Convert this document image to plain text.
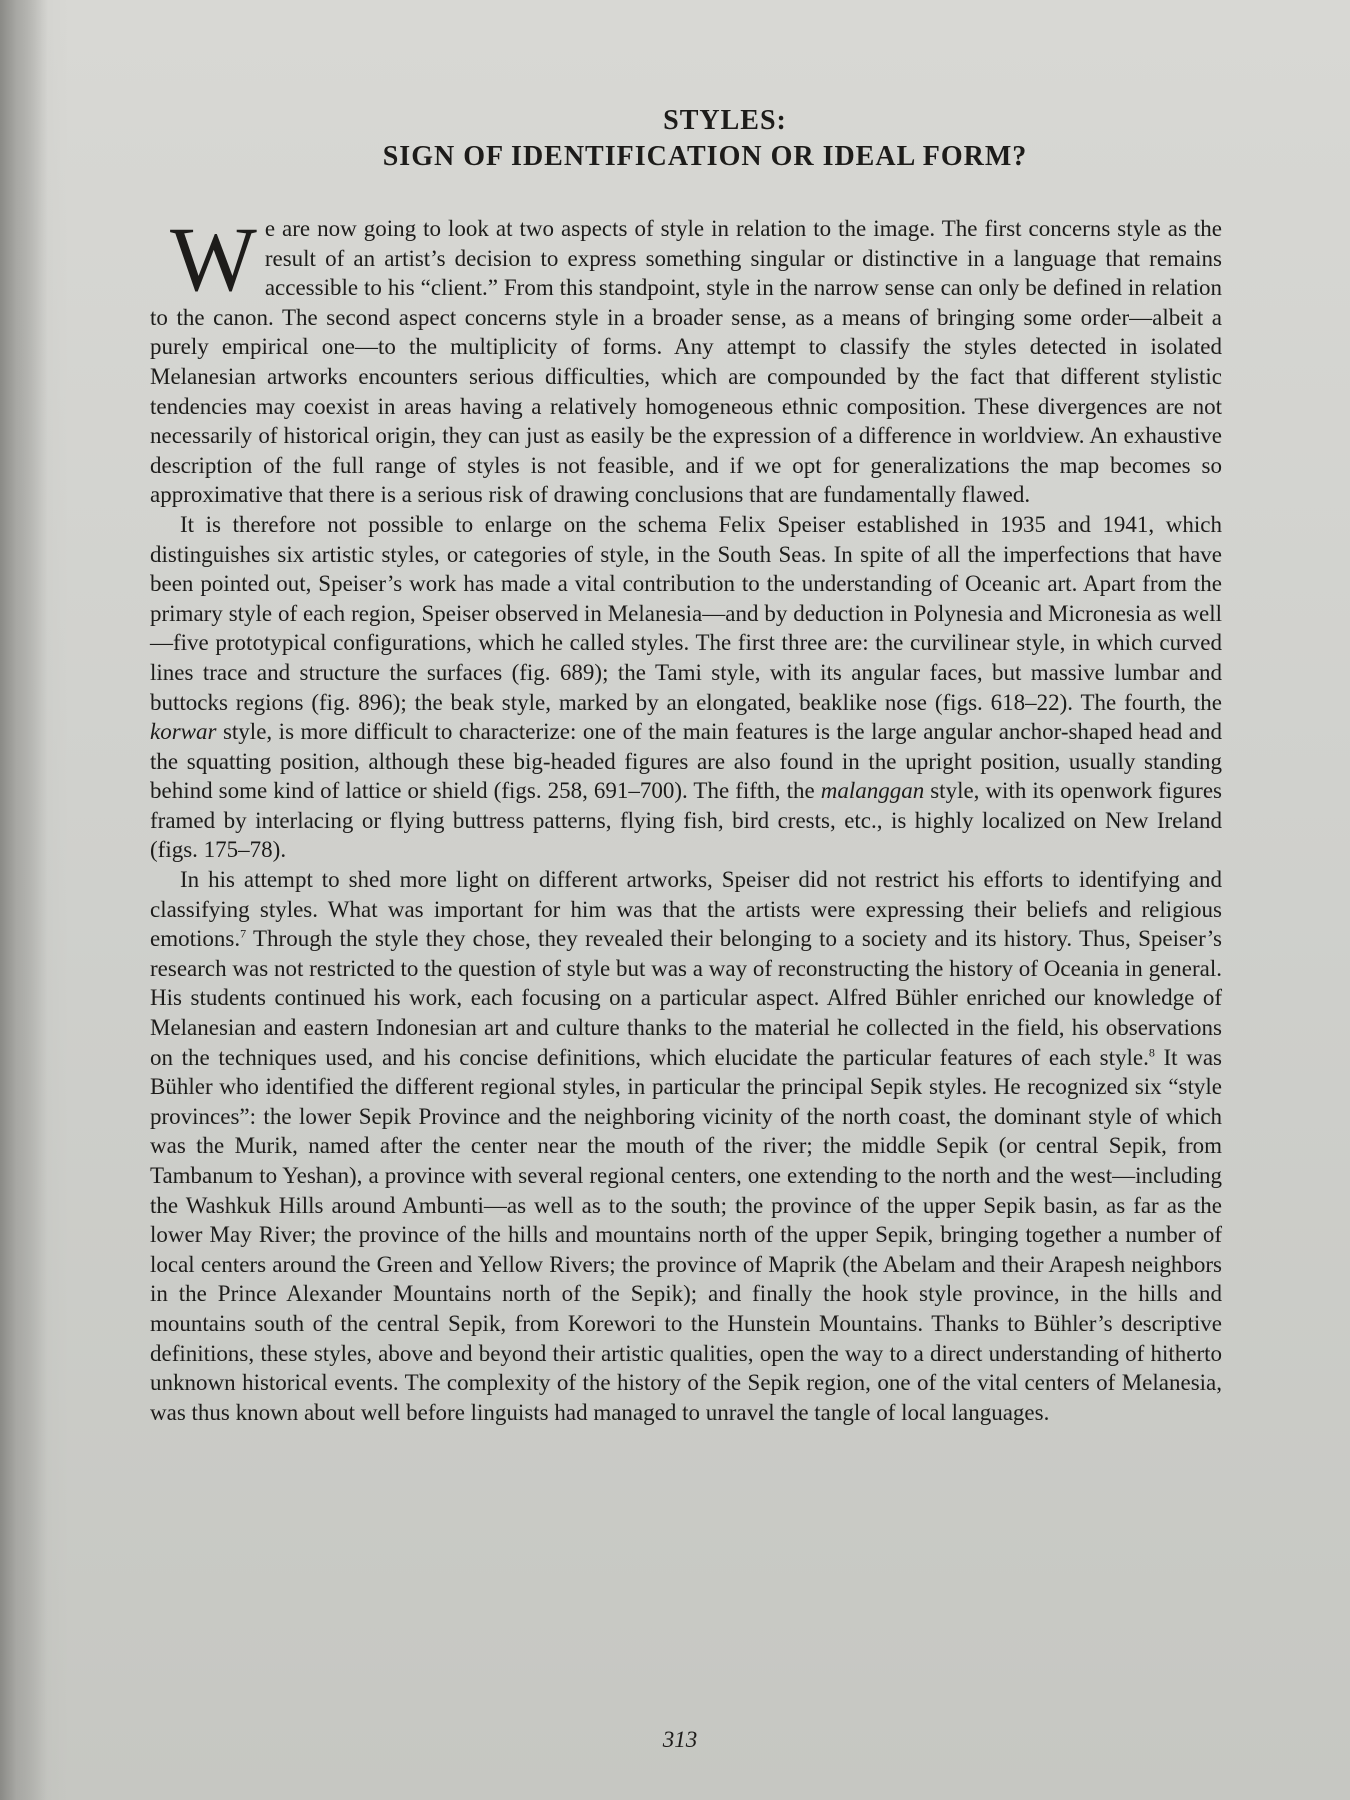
STYLES:
SIGN OF IDENTIFICATION OR IDEAL FORM?

We are now going to look at two aspects of style in relation to the image. The first concerns style as the result of an artist’s decision to express something singular or distinctive in a language that remains accessible to his “client.” From this standpoint, style in the narrow sense can only be defined in relation to the canon. The second aspect concerns style in a broader sense, as a means of bringing some order—albeit a purely empirical one—to the multiplicity of forms. Any attempt to classify the styles detected in isolated Melanesian artworks encounters serious difficulties, which are compounded by the fact that different stylistic tendencies may coexist in areas having a relatively homogeneous ethnic composition. These divergences are not necessarily of historical origin, they can just as easily be the expression of a difference in worldview. An exhaustive description of the full range of styles is not feasible, and if we opt for generalizations the map becomes so approximative that there is a serious risk of drawing conclusions that are fundamentally flawed.

It is therefore not possible to enlarge on the schema Felix Speiser established in 1935 and 1941, which distinguishes six artistic styles, or categories of style, in the South Seas. In spite of all the imperfections that have been pointed out, Speiser’s work has made a vital contribution to the understanding of Oceanic art. Apart from the primary style of each region, Speiser observed in Melanesia—and by deduction in Polynesia and Micronesia as well—five prototypical configurations, which he called styles. The first three are: the curvilinear style, in which curved lines trace and structure the surfaces (fig. 689); the Tami style, with its angular faces, but massive lumbar and buttocks regions (fig. 896); the beak style, marked by an elongated, beaklike nose (figs. 618–22). The fourth, the korwar style, is more difficult to characterize: one of the main features is the large angular anchor-shaped head and the squatting position, although these big-headed figures are also found in the upright position, usually standing behind some kind of lattice or shield (figs. 258, 691–700). The fifth, the malanggan style, with its openwork figures framed by interlacing or flying buttress patterns, flying fish, bird crests, etc., is highly localized on New Ireland (figs. 175–78).

In his attempt to shed more light on different artworks, Speiser did not restrict his efforts to identifying and classifying styles. What was important for him was that the artists were expressing their beliefs and religious emotions.$^7$ Through the style they chose, they revealed their belonging to a society and its history. Thus, Speiser’s research was not restricted to the question of style but was a way of reconstructing the history of Oceania in general. His students continued his work, each focusing on a particular aspect. Alfred Bühler enriched our knowledge of Melanesian and eastern Indonesian art and culture thanks to the material he collected in the field, his observations on the techniques used, and his concise definitions, which elucidate the particular features of each style.$^8$ It was Bühler who identified the different regional styles, in particular the principal Sepik styles. He recognized six “style provinces”: the lower Sepik Province and the neighboring vicinity of the north coast, the dominant style of which was the Murik, named after the center near the mouth of the river; the middle Sepik (or central Sepik, from Tambanum to Yeshan), a province with several regional centers, one extending to the north and the west—including the Washkuk Hills around Ambunti—as well as to the south; the province of the upper Sepik basin, as far as the lower May River; the province of the hills and mountains north of the upper Sepik, bringing together a number of local centers around the Green and Yellow Rivers; the province of Maprik (the Abelam and their Arapesh neighbors in the Prince Alexander Mountains north of the Sepik); and finally the hook style province, in the hills and mountains south of the central Sepik, from Korewori to the Hunstein Mountains. Thanks to Bühler’s descriptive definitions, these styles, above and beyond their artistic qualities, open the way to a direct understanding of hitherto unknown historical events. The complexity of the history of the Sepik region, one of the vital centers of Melanesia, was thus known about well before linguists had managed to unravel the tangle of local languages.

313
